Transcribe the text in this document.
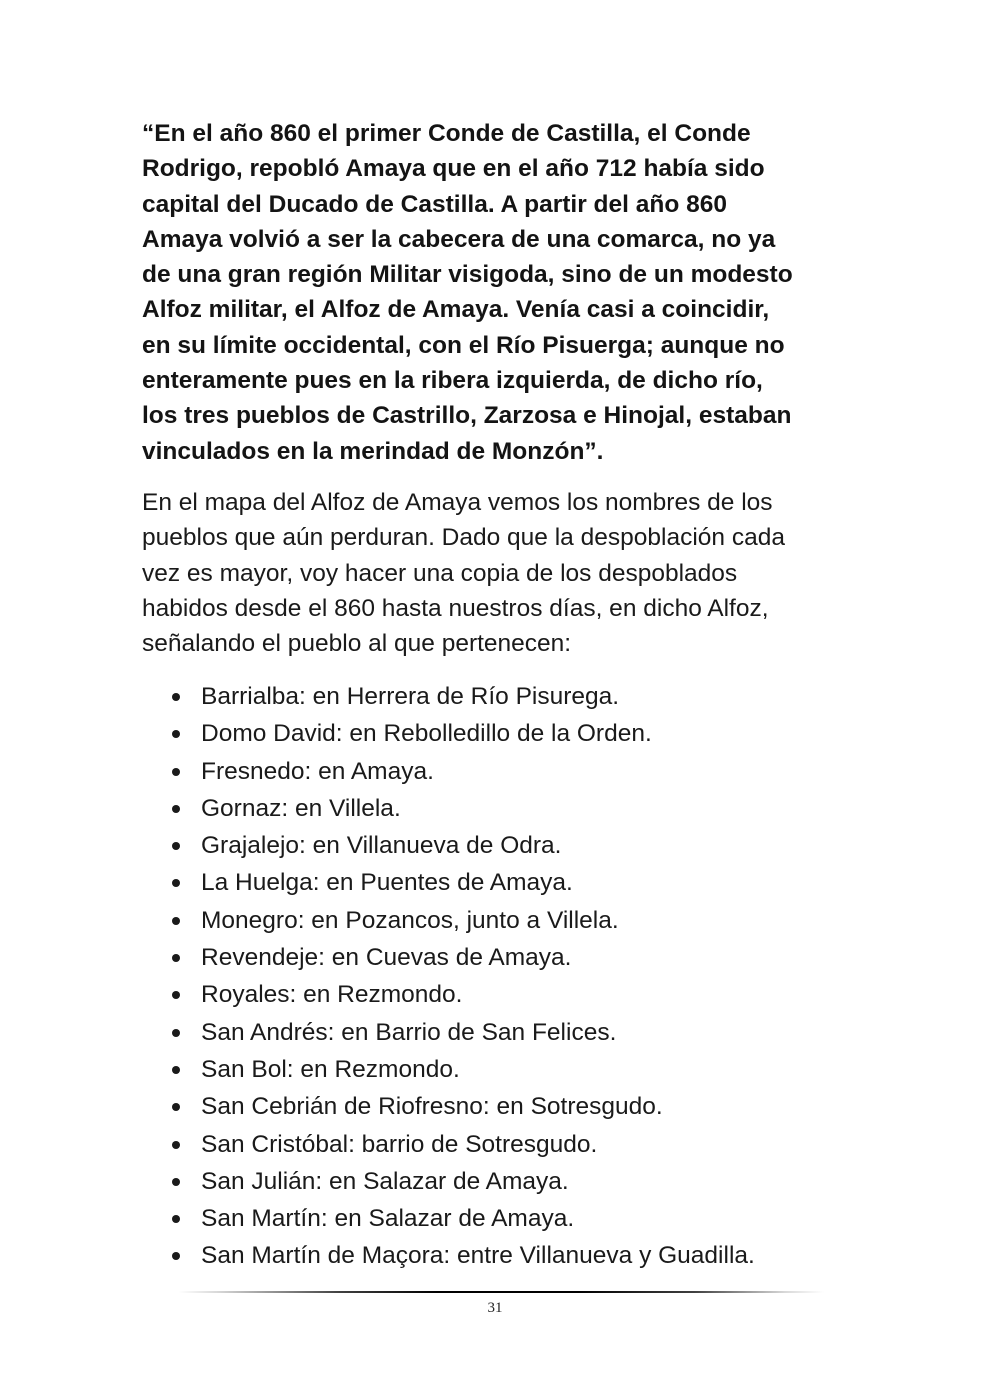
“En el año 860 el primer Conde de Castilla, el Conde
Rodrigo, repobló Amaya que en el año 712 había sido
capital del Ducado de Castilla. A partir del año 860
Amaya volvió a ser la cabecera de una comarca, no ya
de una gran región Militar visigoda, sino de un modesto
Alfoz militar, el Alfoz de Amaya. Venía casi a coincidir,
en su límite occidental, con el Río Pisuerga; aunque no
enteramente pues en la ribera izquierda, de dicho río,
los tres pueblos de Castrillo, Zarzosa e Hinojal, estaban
vinculados en la merindad de Monzón”.

En el mapa del Alfoz de Amaya vemos los nombres de los
pueblos que aún perduran. Dado que la despoblación cada
vez es mayor, voy hacer una copia de los despoblados
habidos desde el 860 hasta nuestros días, en dicho Alfoz,
señalando el pueblo al que pertenecen:

Barrialba: en Herrera de Río Pisurega.
Domo David: en Rebolledillo de la Orden.
Fresnedo: en Amaya.
Gornaz: en Villela.
Grajalejo: en Villanueva de Odra.
La Huelga: en Puentes de Amaya.
Monegro: en Pozancos, junto a Villela.
Revendeje: en Cuevas de Amaya.
Royales: en Rezmondo.
San Andrés: en Barrio de San Felices.
San Bol: en Rezmondo.
San Cebrián de Riofresno: en Sotresgudo.
San Cristóbal: barrio de Sotresgudo.
San Julián: en Salazar de Amaya.
San Martín: en Salazar de Amaya.
San Martín de Maçora: entre Villanueva y Guadilla.
31
